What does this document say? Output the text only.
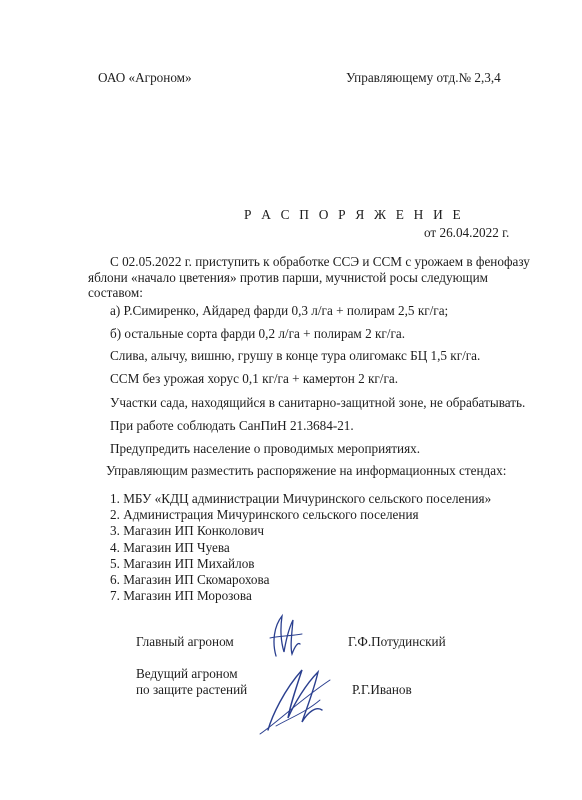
ОАО «Агроном»	Управляющему отд.№ 2,3,4
Р А С П О Р Я Ж Е Н И Е
от 26.04.2022 г.
С 02.05.2022 г. приступить к обработке ССЭ и ССМ с урожаем в фенофазу
яблони «начало цветения» против парши, мучнистой росы следующим
составом:
а) Р.Симиренко, Айдаред фарди 0,3 л/га + полирам 2,5 кг/га;
б) остальные сорта фарди 0,2 л/га + полирам 2 кг/га.
Слива, алычу, вишню, грушу в конце тура олигомакс БЦ 1,5 кг/га.
ССМ без урожая хорус 0,1 кг/га + камертон 2 кг/га.
Участки сада, находящийся в санитарно-защитной зоне, не обрабатывать.
При работе соблюдать СанПиН 21.3684-21.
Предупредить население о проводимых мероприятиях.
Управляющим разместить распоряжение на информационных стендах:
1. МБУ «КДЦ администрации Мичуринского сельского поселения»
2. Администрация Мичуринского сельского поселения
3. Магазин ИП Конколович
4. Магазин ИП Чуева
5. Магазин ИП Михайлов
6. Магазин ИП Скомарохова
7. Магазин ИП Морозова
Главный агроном	Г.Ф.Потудинский
Ведущий агроном
по защите растений	Р.Г.Иванов
